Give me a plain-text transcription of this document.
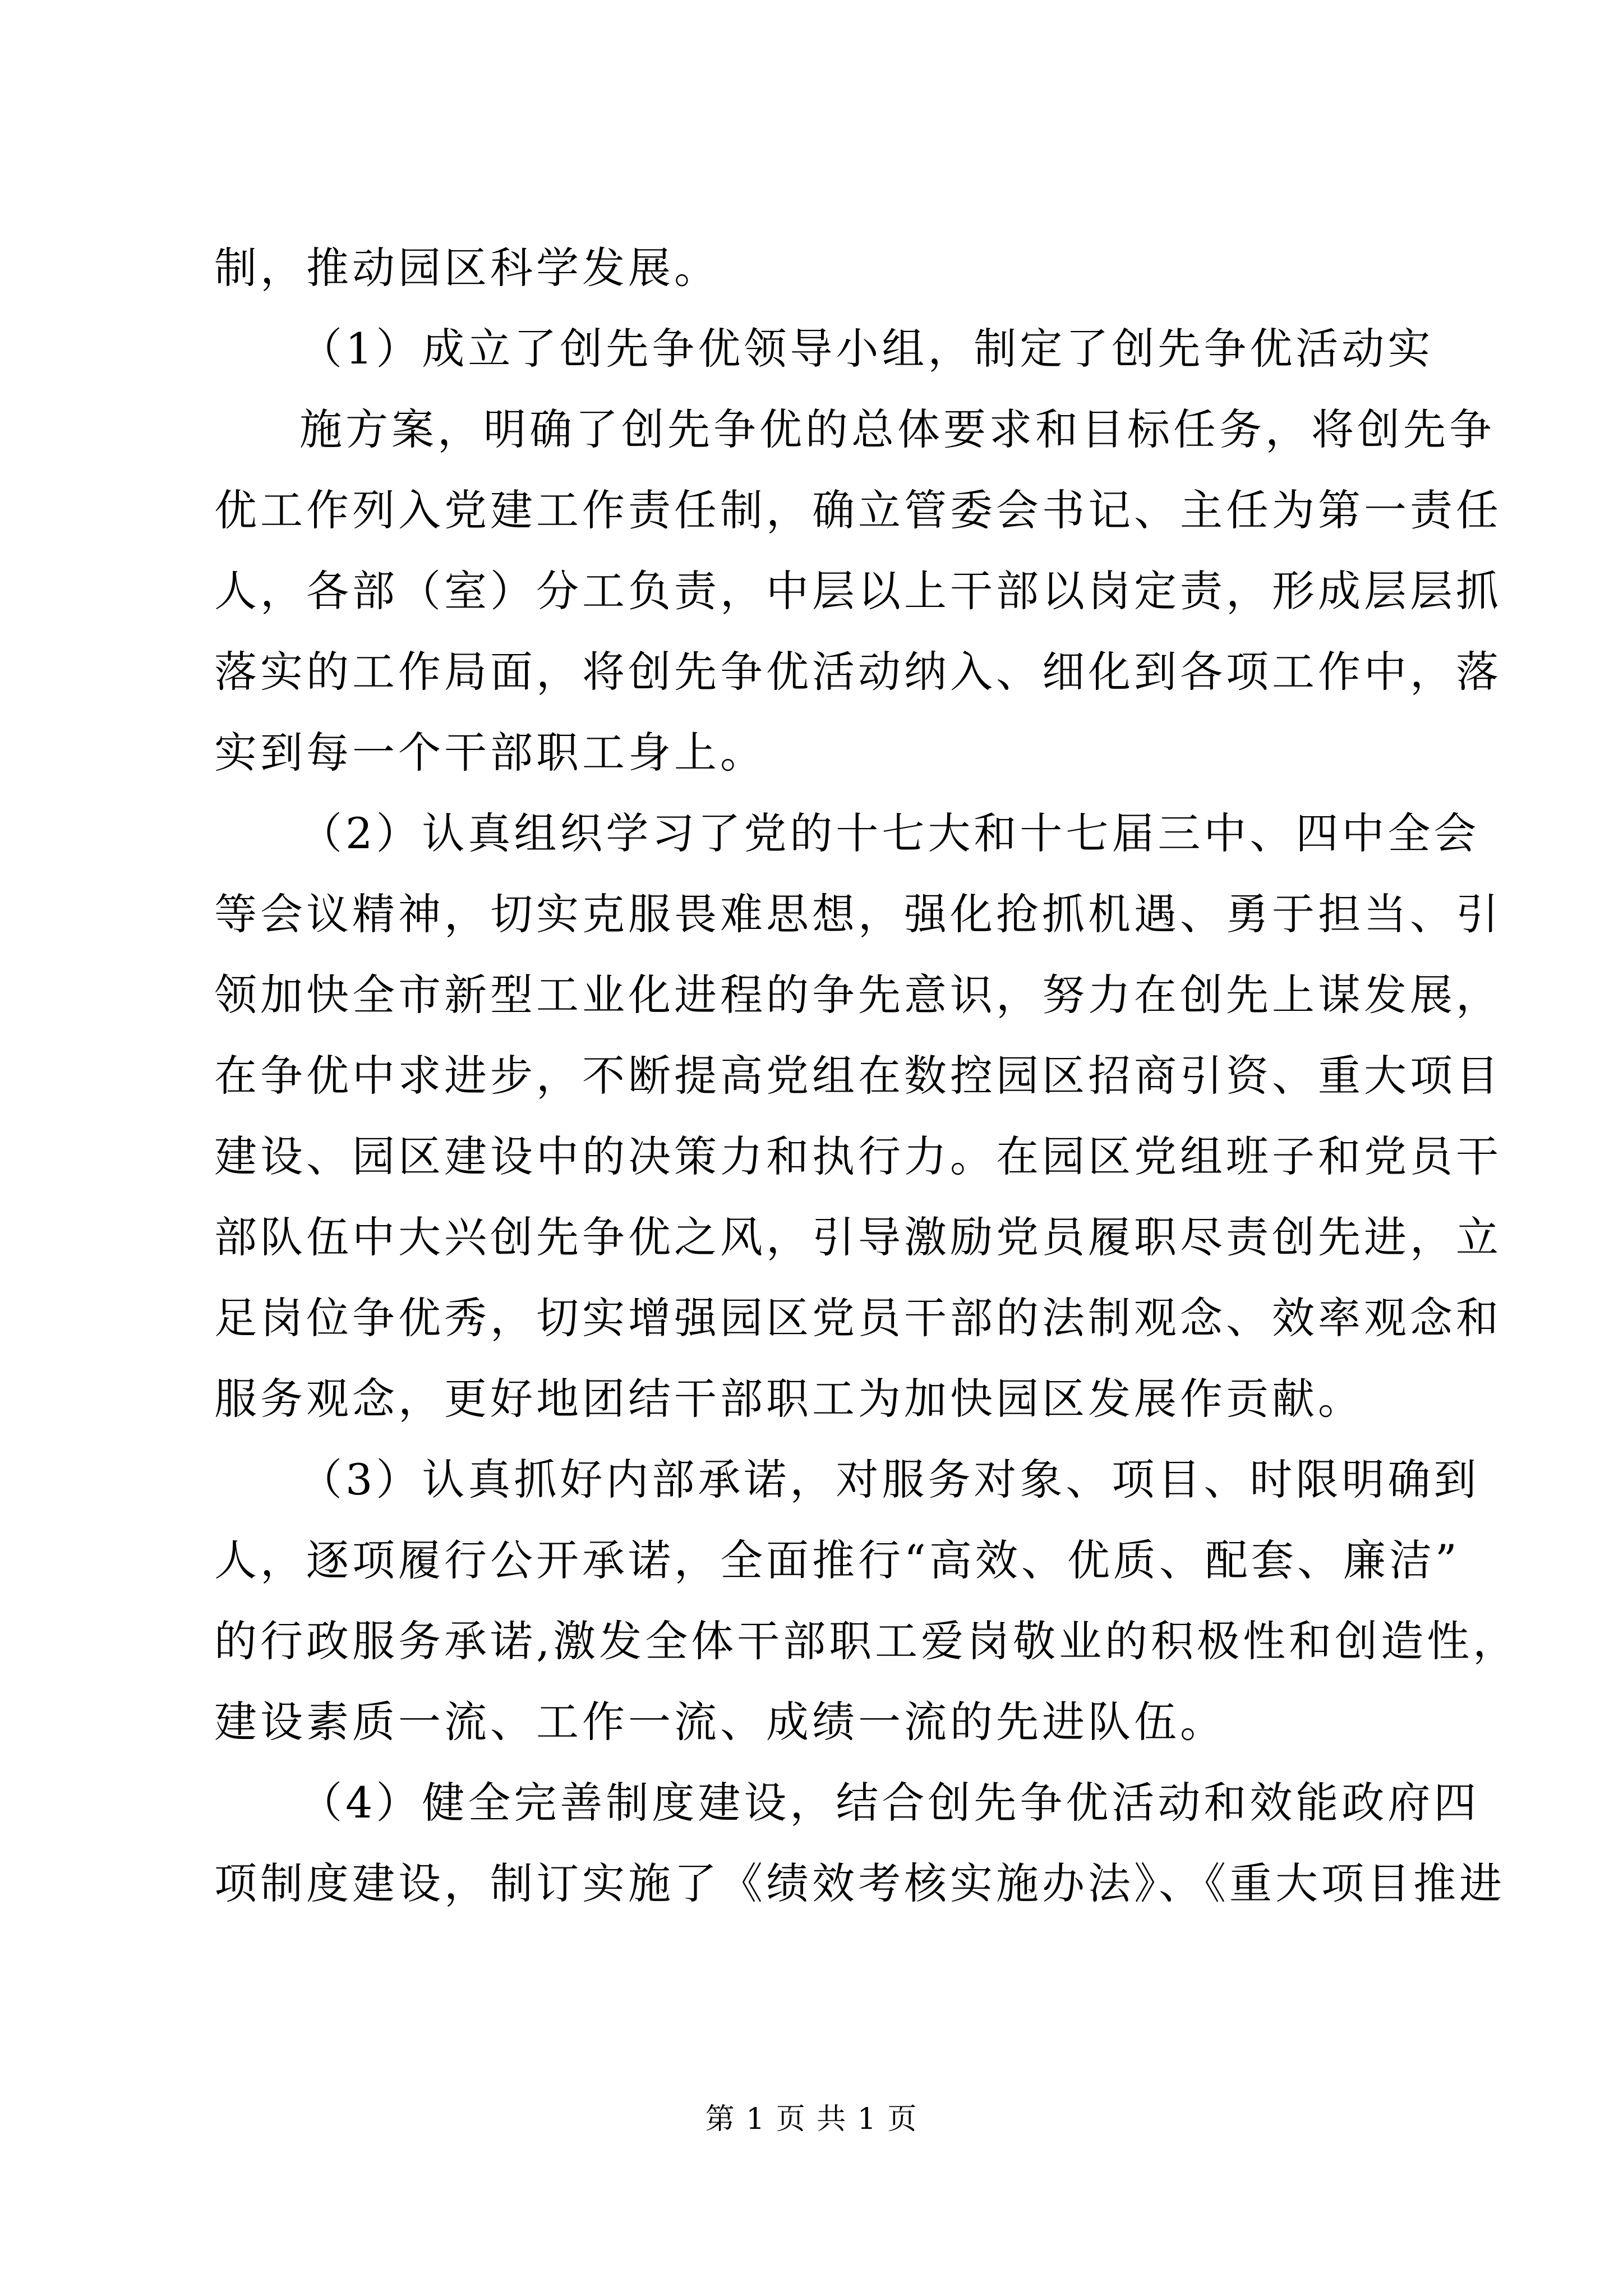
制，推动园区科学发展。
（1）成立了创先争优领导小组，制定了创先争优活动实
施方案，明确了创先争优的总体要求和目标任务，将创先争
优工作列入党建工作责任制，确立管委会书记、主任为第一责任
人，各部（室）分工负责，中层以上干部以岗定责，形成层层抓
落实的工作局面，将创先争优活动纳入、细化到各项工作中，落
实到每一个干部职工身上。
（2）认真组织学习了党的十七大和十七届三中、四中全会
等会议精神，切实克服畏难思想，强化抢抓机遇、勇于担当、引
领加快全市新型工业化进程的争先意识，努力在创先上谋发展，
在争优中求进步，不断提高党组在数控园区招商引资、重大项目
建设、园区建设中的决策力和执行力。在园区党组班子和党员干
部队伍中大兴创先争优之风，引导激励党员履职尽责创先进，立
足岗位争优秀，切实增强园区党员干部的法制观念、效率观念和
服务观念，更好地团结干部职工为加快园区发展作贡献。
（3）认真抓好内部承诺，对服务对象、项目、时限明确到
人，逐项履行公开承诺，全面推行“高效、优质、配套、廉洁”
的行政服务承诺,激发全体干部职工爱岗敬业的积极性和创造性，
建设素质一流、工作一流、成绩一流的先进队伍。
（4）健全完善制度建设，结合创先争优活动和效能政府四
项制度建设，制订实施了《绩效考核实施办法》、《重大项目推进
第 1 页 共 1 页
